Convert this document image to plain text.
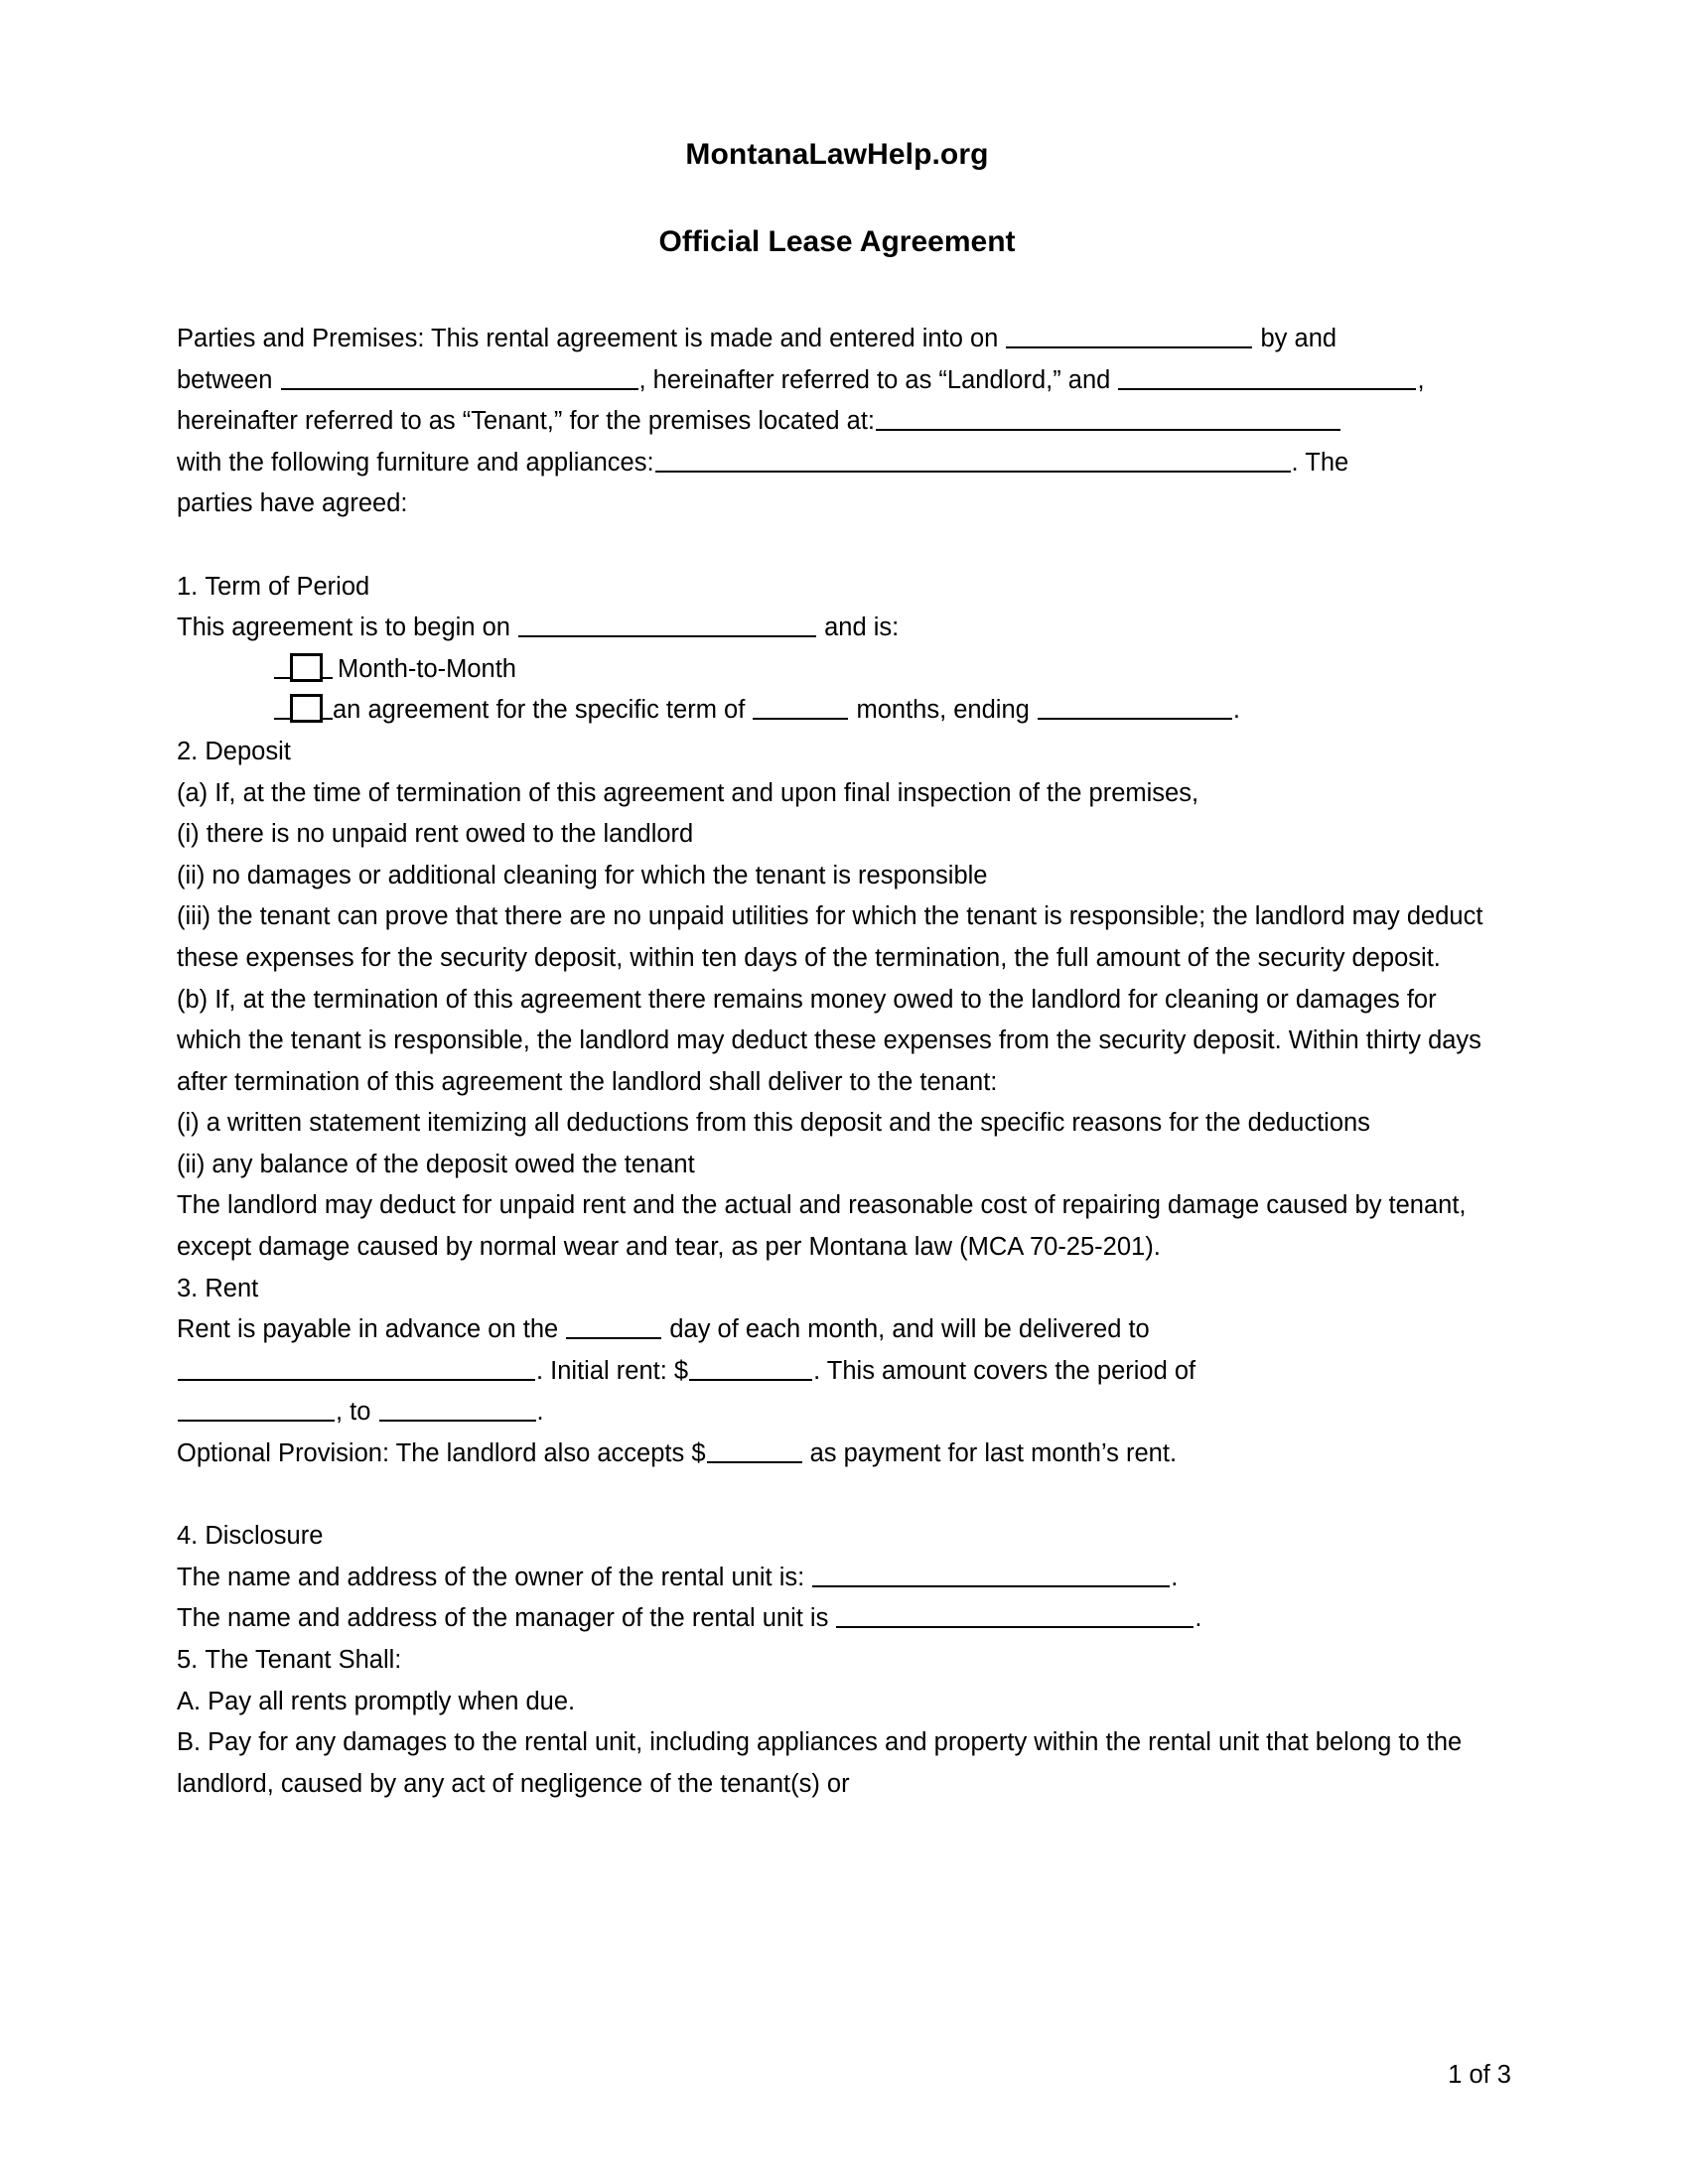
MontanaLawHelp.org
Official Lease Agreement

Parties and Premises: This rental agreement is made and entered into on	by and

between	, hereinafter referred to as “Landlord,” and	,

hereinafter referred to as “Tenant,” for the premises located at:

with the following furniture and appliances:	. The

parties have agreed:

1. Term of Period

This agreement is to begin on	and is:

Month-to-Month

an agreement for the specific term of	months, ending	.

2. Deposit

(a) If, at the time of termination of this agreement and upon final inspection of the premises,

(i) there is no unpaid rent owed to the landlord

(ii) no damages or additional cleaning for which the tenant is responsible

(iii) the tenant can prove that there are no unpaid utilities for which the tenant is responsible; the landlord may deduct these expenses for the security deposit, within ten days of the termination, the full amount of the security deposit.

(b) If, at the termination of this agreement there remains money owed to the landlord for cleaning or damages for which the tenant is responsible, the landlord may deduct these expenses from the security deposit. Within thirty days after termination of this agreement the landlord shall deliver to the tenant:

(i) a written statement itemizing all deductions from this deposit and the specific reasons for the deductions

(ii) any balance of the deposit owed the tenant

The landlord may deduct for unpaid rent and the actual and reasonable cost of repairing damage caused by tenant, except damage caused by normal wear and tear, as per Montana law (MCA 70-25-201).

3. Rent

Rent is payable in advance on the	day of each month, and will be delivered to

. Initial rent: $	. This amount covers the period of

, to	.

Optional Provision: The landlord also accepts $	as payment for last month’s rent.

4. Disclosure

The name and address of the owner of the rental unit is:	.

The name and address of the manager of the rental unit is	.

5. The Tenant Shall:

A. Pay all rents promptly when due.

B. Pay for any damages to the rental unit, including appliances and property within the rental unit that belong to the landlord, caused by any act of negligence of the tenant(s) or

1 of 3
